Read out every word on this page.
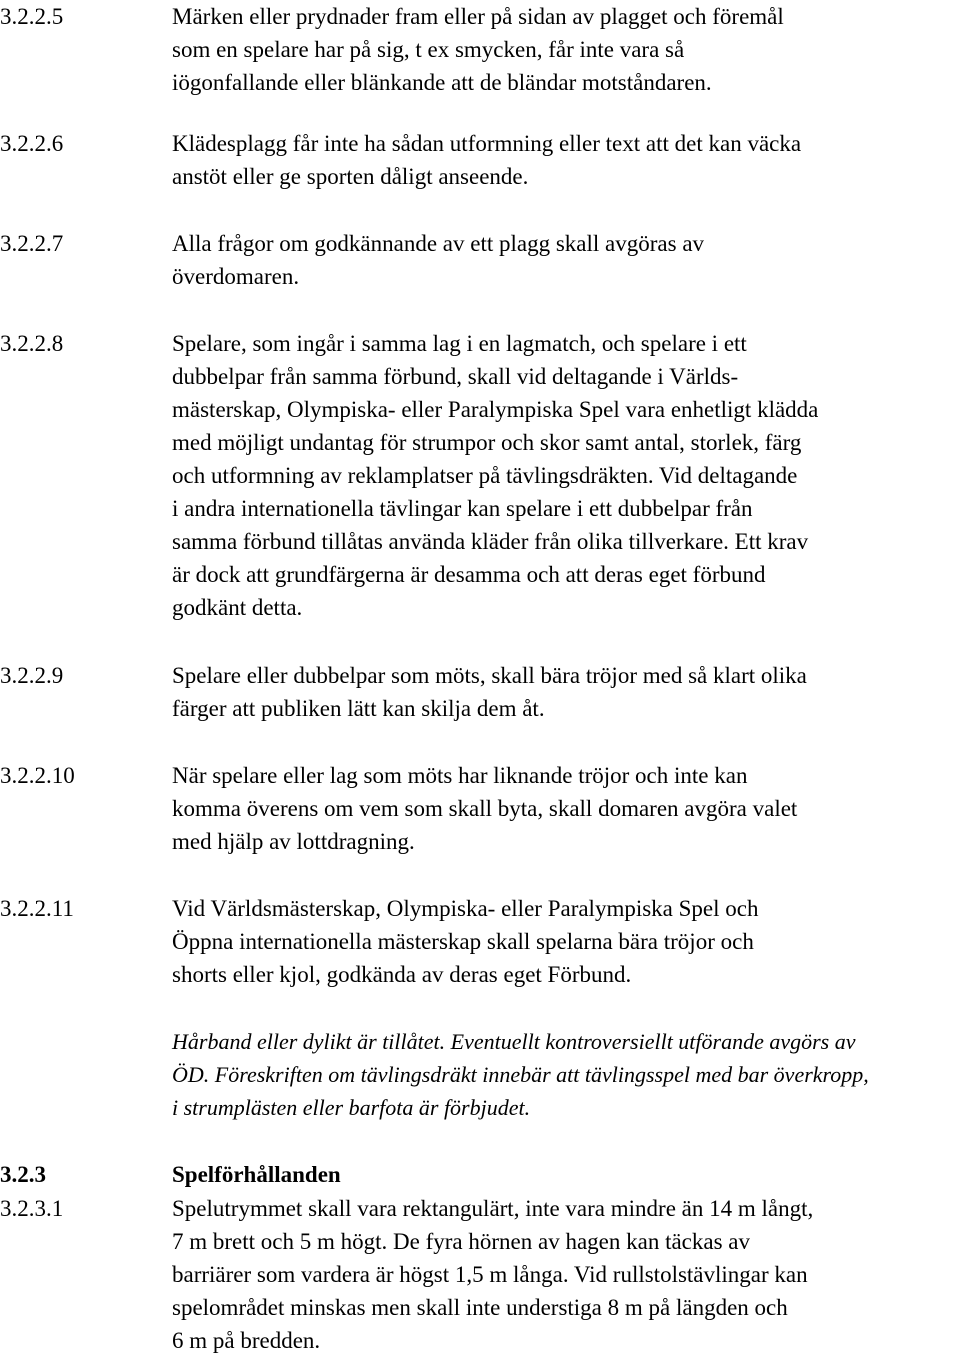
3.2.2.5	Märken eller prydnader fram eller på sidan av plagget och föremål
som en spelare har på sig, t ex smycken, får inte vara så
iögonfallande eller blänkande att de bländar motståndaren.
3.2.2.6	Klädesplagg får inte ha sådan utformning eller text att det kan väcka
anstöt eller ge sporten dåligt anseende.
3.2.2.7	Alla frågor om godkännande av ett plagg skall avgöras av
överdomaren.
3.2.2.8	Spelare, som ingår i samma lag i en lagmatch, och spelare i ett
dubbelpar från samma förbund, skall vid deltagande i Världs-
mästerskap, Olympiska- eller Paralympiska Spel vara enhetligt klädda
med möjligt undantag för strumpor och skor samt antal, storlek, färg
och utformning av reklamplatser på tävlingsdräkten. Vid deltagande
i andra internationella tävlingar kan spelare i ett dubbelpar från
samma förbund tillåtas använda kläder från olika tillverkare. Ett krav
är dock att grundfärgerna är desamma och att deras eget förbund
godkänt detta.
3.2.2.9	Spelare eller dubbelpar som möts, skall bära tröjor med så klart olika
färger att publiken lätt kan skilja dem åt.
3.2.2.10	När spelare eller lag som möts har liknande tröjor och inte kan
komma överens om vem som skall byta, skall domaren avgöra valet
med hjälp av lottdragning.
3.2.2.11	Vid Världsmästerskap, Olympiska- eller Paralympiska Spel och
Öppna internationella mästerskap skall spelarna bära tröjor och
shorts eller kjol, godkända av deras eget Förbund.
Hårband eller dylikt är tillåtet. Eventuellt kontroversiellt utförande avgörs av
ÖD. Föreskriften om tävlingsdräkt innebär att tävlingsspel med bar överkropp,
i strumplästen eller barfota är förbjudet.
3.2.3	Spelförhållanden
3.2.3.1	Spelutrymmet skall vara rektangulärt, inte vara mindre än 14 m långt,
7 m brett och 5 m högt. De fyra hörnen av hagen kan täckas av
barriärer som vardera är högst 1,5 m långa. Vid rullstolstävlingar kan
spelområdet minskas men skall inte understiga 8 m på längden och
6 m på bredden.
